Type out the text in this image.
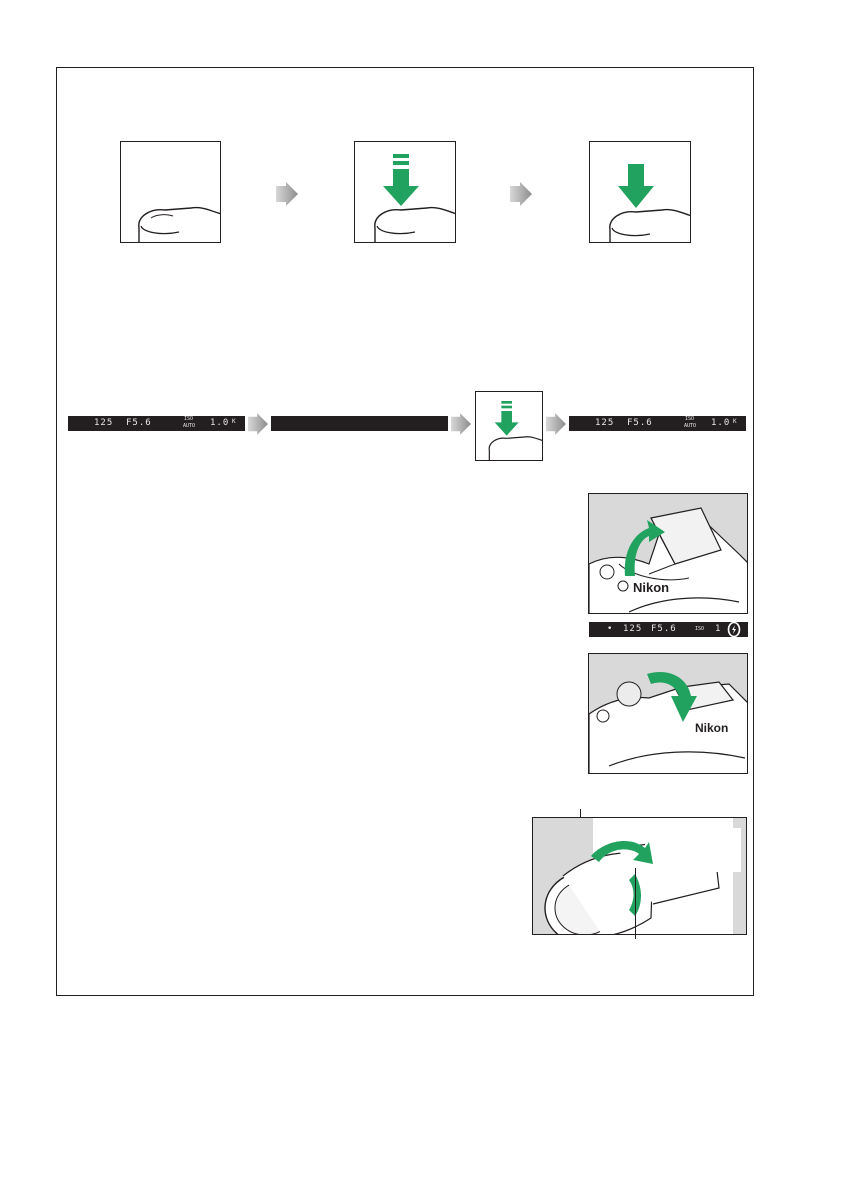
125

F5.6

	ISO

AUTO

1.0

K

	125

F5.6

	ISO

AUTO

1.0

K

Nikon

•

125

F5.6

	ISO

1

Nikon
